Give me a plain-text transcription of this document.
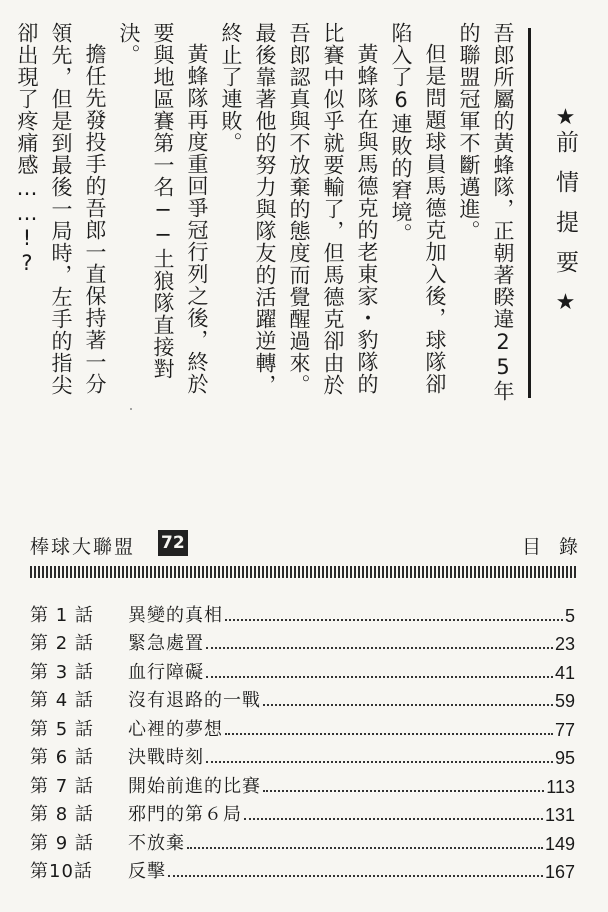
吾郎所屬的黃蜂隊，正朝著睽違25年的聯盟冠軍不斷邁進。

但是問題球員馬德克加入後，球隊卻陷入了6連敗的窘境。

黃蜂隊在與馬德克的老東家・豹隊的比賽中似乎就要輸了，但馬德克卻由於吾郎認真與不放棄的態度而覺醒過來。最後靠著他的努力與隊友的活躍逆轉，終止了連敗。

黃蜂隊再度重回爭冠行列之後，終於要與地區賽第一名──土狼隊直接對決。

擔任先發投手的吾郎一直保持著一分領先，但是到最後一局時，左手的指尖卻出現了疼痛感……!?	★前情提要★
棒球大聯盟 72	目錄
第 1 話	異變的真相	5
第 2 話	緊急處置	23
第 3 話	血行障礙	41
第 4 話	沒有退路的一戰	59
第 5 話	心裡的夢想	77
第 6 話	決戰時刻	95
第 7 話	開始前進的比賽	113
第 8 話	邪門的第６局	131
第 9 話	不放棄	149
第10話	反擊	167
